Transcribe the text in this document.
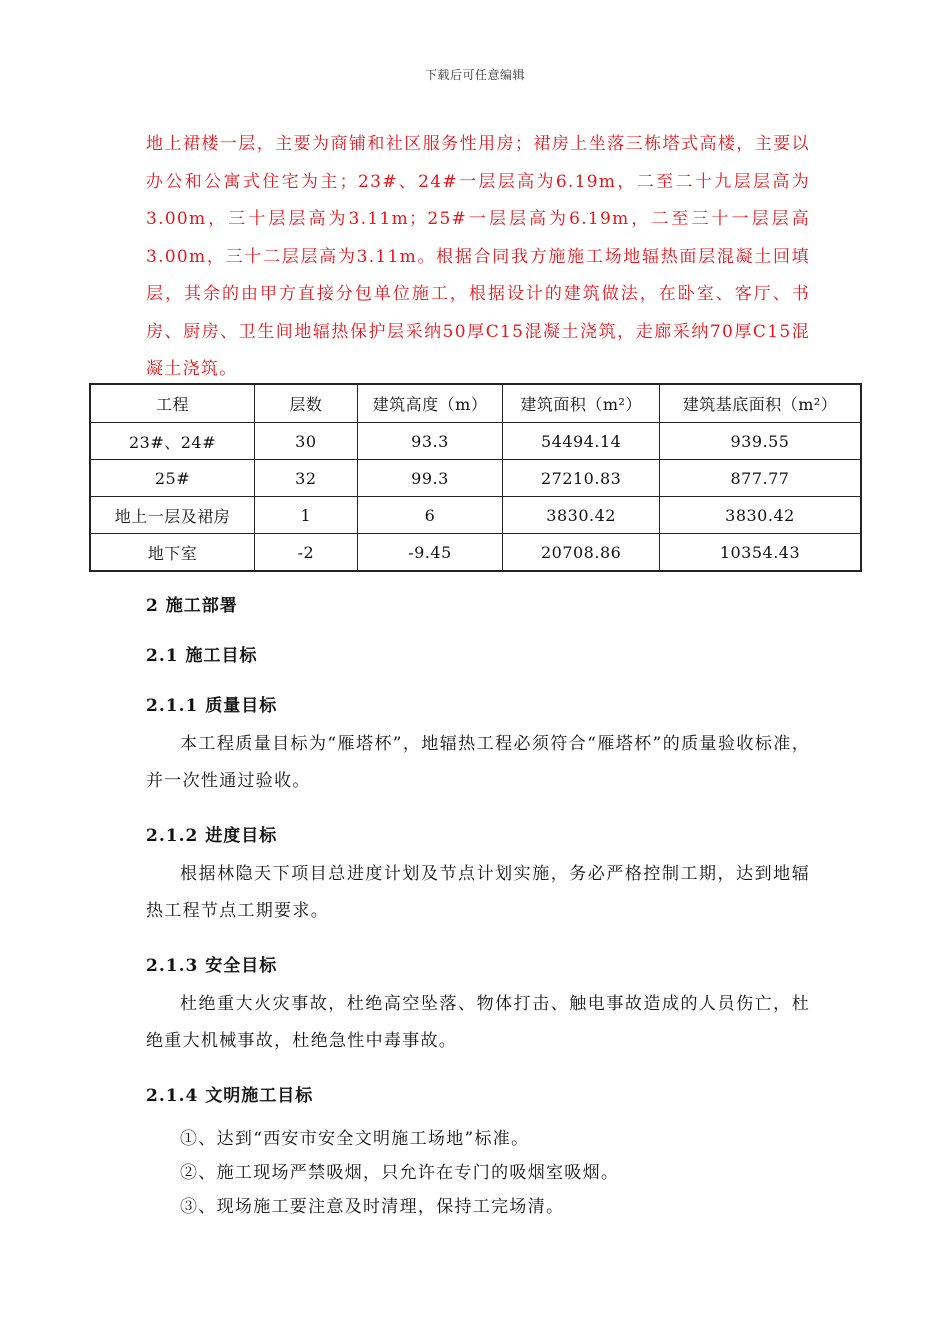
下载后可任意编辑

地上裙楼一层，主要为商铺和社区服务性用房；裙房上坐落三栋塔式高楼，主要以办公和公寓式住宅为主；23#、24#一层层高为6.19m，二至二十九层层高为3.00m，三十层层高为3.11m；25#一层层高为6.19m，二至三十一层层高3.00m，三十二层层高为3.11m。根据合同我方施施工场地辐热面层混凝土回填层，其余的由甲方直接分包单位施工，根据设计的建筑做法，在卧室、客厅、书房、厨房、卫生间地辐热保护层采纳50厚C15混凝土浇筑，走廊采纳70厚C15混凝土浇筑。

工程	层数	建筑高度（m）	建筑面积（m²）	建筑基底面积（m²）
23#、24#	30	93.3	54494.14	939.55
25#	32	99.3	27210.83	877.77
地上一层及裙房	1	6	3830.42	3830.42
地下室	-2	-9.45	20708.86	10354.43
2 施工部署
2.1 施工目标
2.1.1 质量目标

本工程质量目标为“雁塔杯”，地辐热工程必须符合“雁塔杯”的质量验收标准，并一次性通过验收。

2.1.2 进度目标

根据林隐天下项目总进度计划及节点计划实施，务必严格控制工期，达到地辐热工程节点工期要求。

2.1.3 安全目标

杜绝重大火灾事故，杜绝高空坠落、物体打击、触电事故造成的人员伤亡，杜绝重大机械事故，杜绝急性中毒事故。

2.1.4 文明施工目标

①、达到“西安市安全文明施工场地”标准。

②、施工现场严禁吸烟，只允许在专门的吸烟室吸烟。

③、现场施工要注意及时清理，保持工完场清。
